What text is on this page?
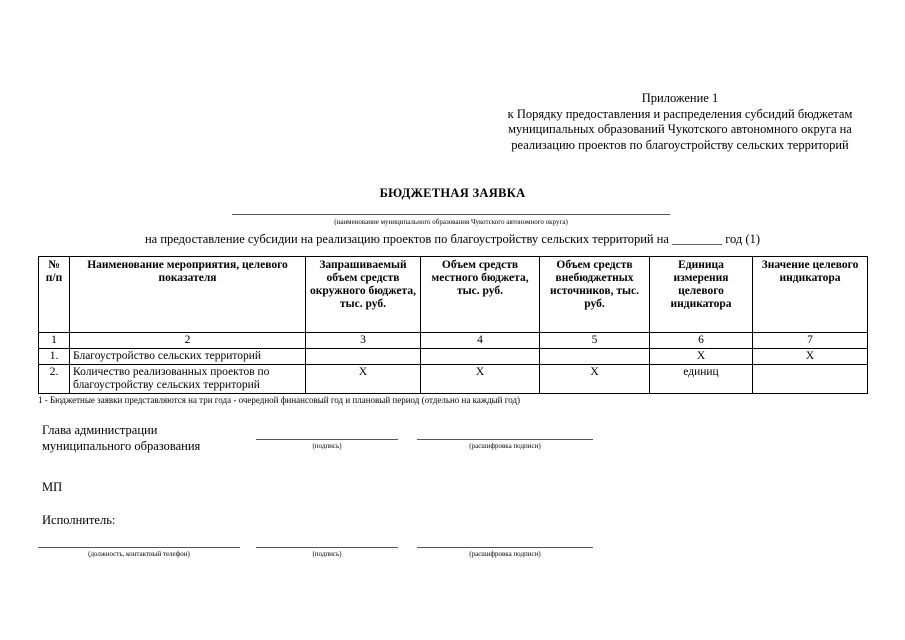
Приложение 1
к Порядку предоставления и распределения субсидий бюджетам
муниципальных образований Чукотского автономного округа на
реализацию проектов по благоустройству сельских территорий
БЮДЖЕТНАЯ ЗАЯВКА
(наименование муниципального образования Чукотского автономного округа)
на предоставление субсидии на реализацию проектов по благоустройству сельских территорий на ________ год (1)
№ п/п	Наименование мероприятия, целевого показателя	Запрашиваемый объем средств окружного бюджета, тыс. руб.	Объем средств местного бюджета, тыс. руб.	Объем средств внебюджетных источников, тыс. руб.	Единица измерения целевого индикатора	Значение целевого индикатора
1	2	3	4	5	6	7
1.	Благоустройство сельских территорий				Х	Х
2.	Количество реализованных проектов по благоустройству сельских территорий	Х	Х	Х	единиц	
1 - Бюджетные заявки представляются на три года - очередной финансовый год и плановый период (отдельно на каждый год)
Глава администрации
муниципального образования	(подпись)	(расшифровка подписи)
МП
Исполнитель:
(должность, контактный телефон)	(подпись)	(расшифровка подписи)
